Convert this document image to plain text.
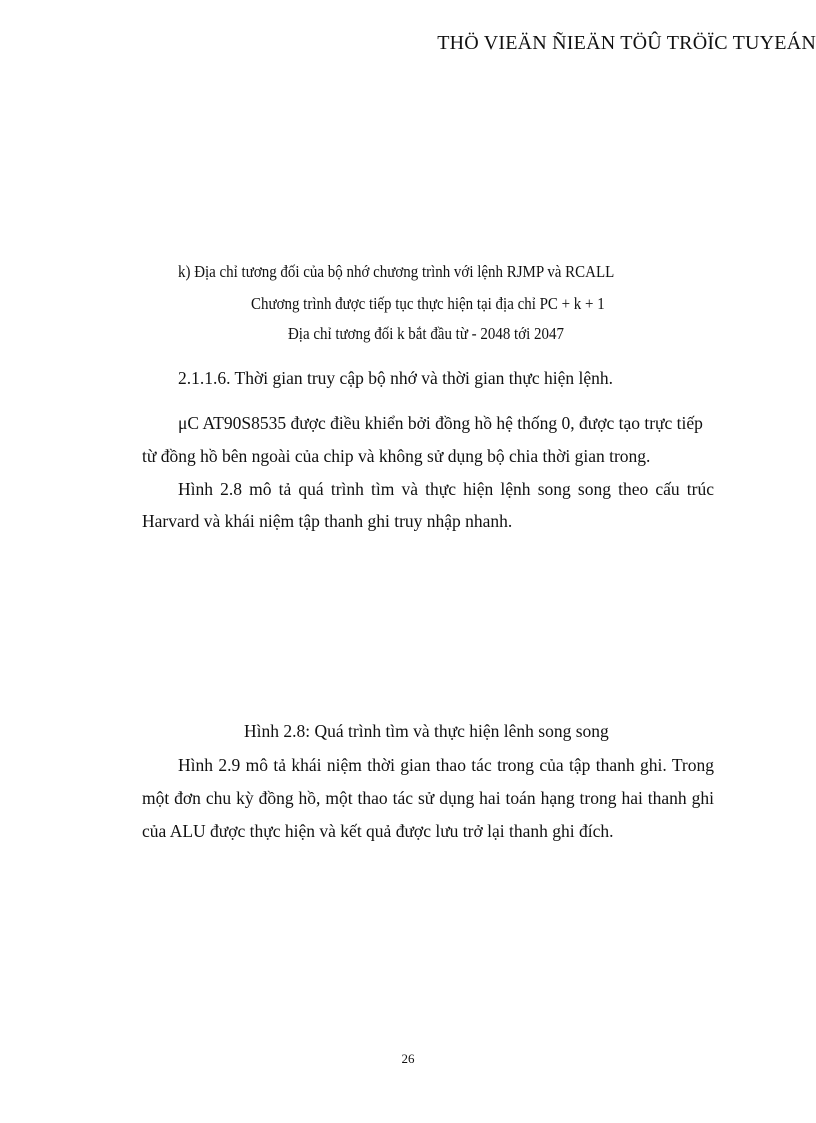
THÖ VIEÄN ÑIEÄN TÖÛ TRÖÏC TUYEÁN
k) Địa chỉ tương đối của bộ nhớ chương trình với lệnh RJMP và RCALL
Chương trình được tiếp tục thực hiện tại địa chỉ PC + k + 1
Địa chỉ tương đối k bắt đầu từ - 2048 tới 2047
2.1.1.6. Thời gian truy cập bộ nhớ và thời gian thực hiện lệnh.
μC AT90S8535 được điều khiển bởi đồng hồ hệ thống 0, được tạo trực tiếp
từ đồng hồ bên ngoài của chip và không sử dụng bộ chia thời gian trong.
Hình 2.8 mô tả quá trình tìm và thực hiện lệnh song song theo cấu trúc
Harvard và khái niệm tập thanh ghi truy nhập nhanh.
Hình 2.8: Quá trình tìm và thực hiện lênh song song
Hình 2.9 mô tả khái niệm thời gian thao tác trong của tập thanh ghi. Trong
một đơn chu kỳ đồng hồ, một thao tác sử dụng hai toán hạng trong hai thanh ghi
của ALU được thực hiện và kết quả được lưu trở lại thanh ghi đích.
26
